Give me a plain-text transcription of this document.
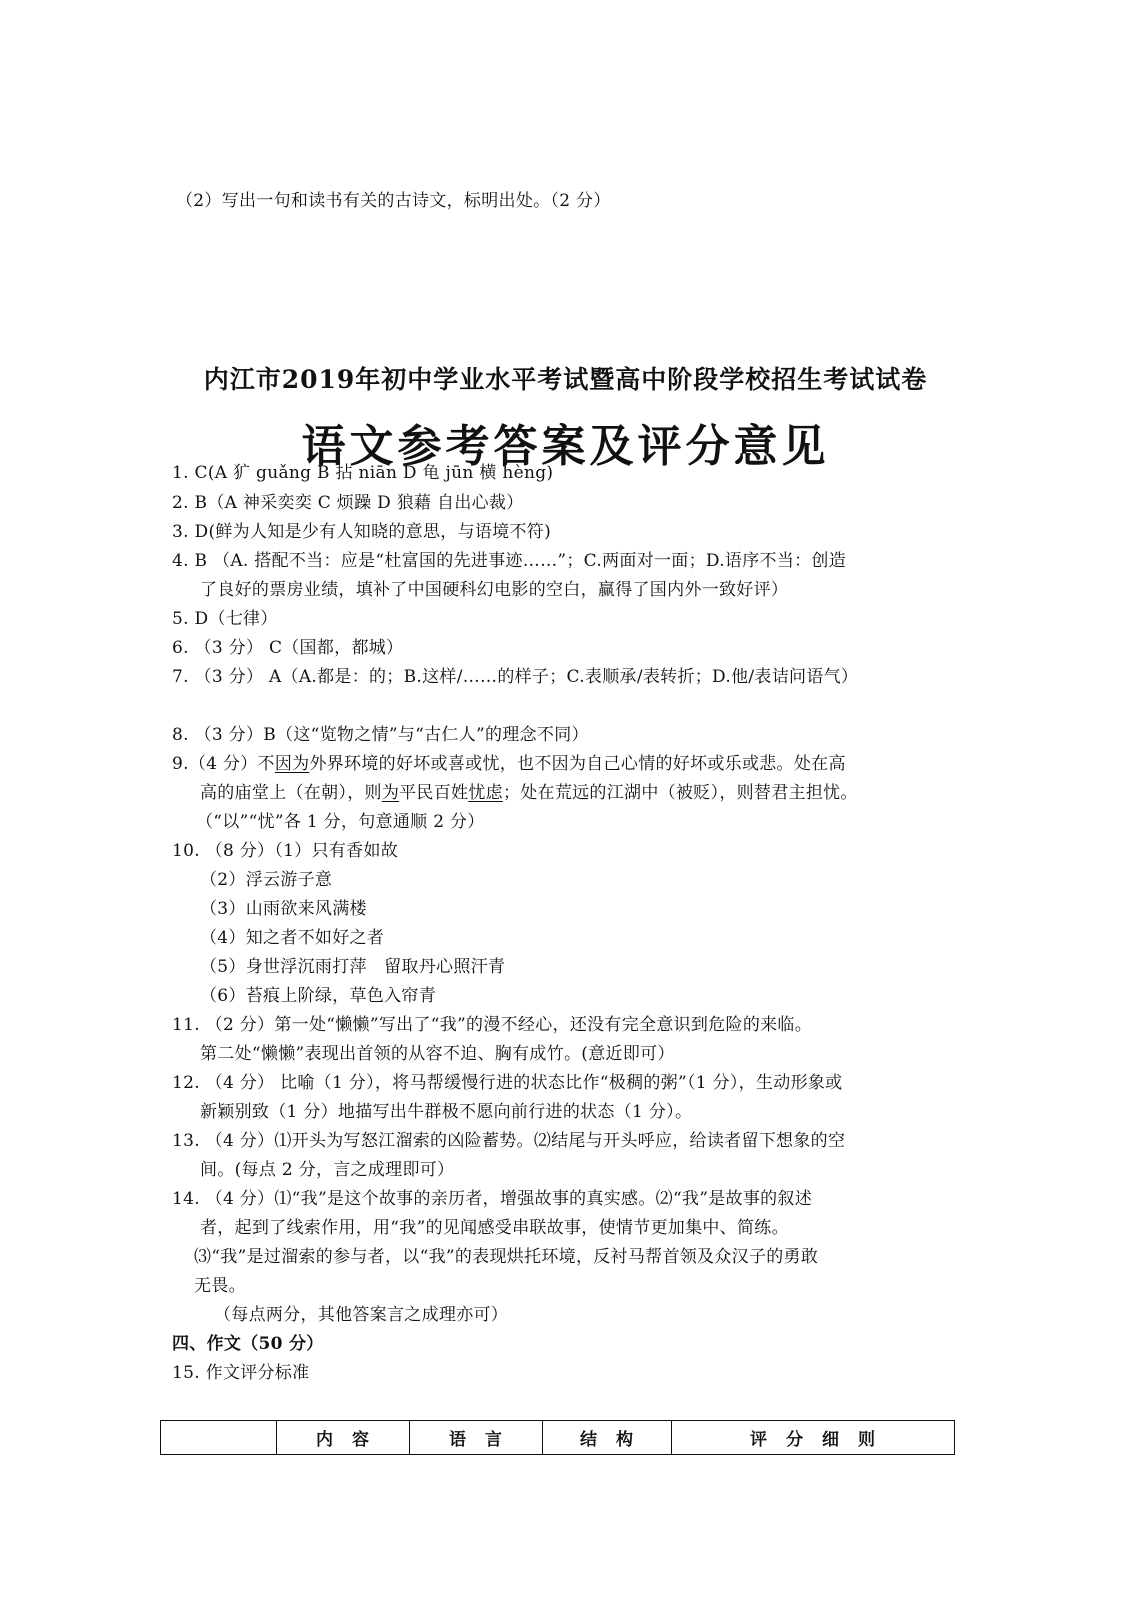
（2）写出一句和读书有关的古诗文，标明出处。（2 分）
内江市2019年初中学业水平考试暨高中阶段学校招生考试试卷
语文参考答案及评分意见
1. C(A 犷 guǎng B 拈 niān D 龟 jūn 横 hèng)
2. B（A 神采奕奕 C 烦躁 D 狼藉 自出心裁）
3. D(鲜为人知是少有人知晓的意思，与语境不符)
4. B （A. 搭配不当：应是“杜富国的先进事迹……”；C.两面对一面；D.语序不当：创造
了良好的票房业绩，填补了中国硬科幻电影的空白，赢得了国内外一致好评）
5. D（七律）
6. （3 分） C（国都，都城）
7. （3 分） A（A.都是：的；B.这样/……的样子；C.表顺承/表转折；D.他/表诘问语气）
8. （3 分）B（这“览物之情”与“古仁人”的理念不同）
9.（4 分）不因为外界环境的好坏或喜或忧，也不因为自己心情的好坏或乐或悲。处在高
高的庙堂上（在朝），则为平民百姓忧虑；处在荒远的江湖中（被贬），则替君主担忧。
（“以”“忧”各 1 分，句意通顺 2 分）
10. （8 分）（1）只有香如故
（2）浮云游子意
（3）山雨欲来风满楼
（4）知之者不如好之者
（5）身世浮沉雨打萍　留取丹心照汗青
（6）苔痕上阶绿，草色入帘青
11. （2 分）第一处“懒懒”写出了“我”的漫不经心，还没有完全意识到危险的来临。
第二处“懒懒”表现出首领的从容不迫、胸有成竹。(意近即可）
12. （4 分） 比喻（1 分），将马帮缓慢行进的状态比作“极稠的粥”（1 分），生动形象或
新颖别致（1 分）地描写出牛群极不愿向前行进的状态（1 分）。
13. （4 分）⑴开头为写怒江溜索的凶险蓄势。⑵结尾与开头呼应，给读者留下想象的空
间。(每点 2 分，言之成理即可）
14. （4 分）⑴“我”是这个故事的亲历者，增强故事的真实感。⑵“我”是故事的叙述
者，起到了线索作用，用“我”的见闻感受串联故事，使情节更加集中、简练。
⑶“我”是过溜索的参与者，以“我”的表现烘托环境，反衬马帮首领及众汉子的勇敢
无畏。
（每点两分，其他答案言之成理亦可）
四、作文（50 分）
15. 作文评分标准
	内　容	语　言	结　构	评　分　细　则
